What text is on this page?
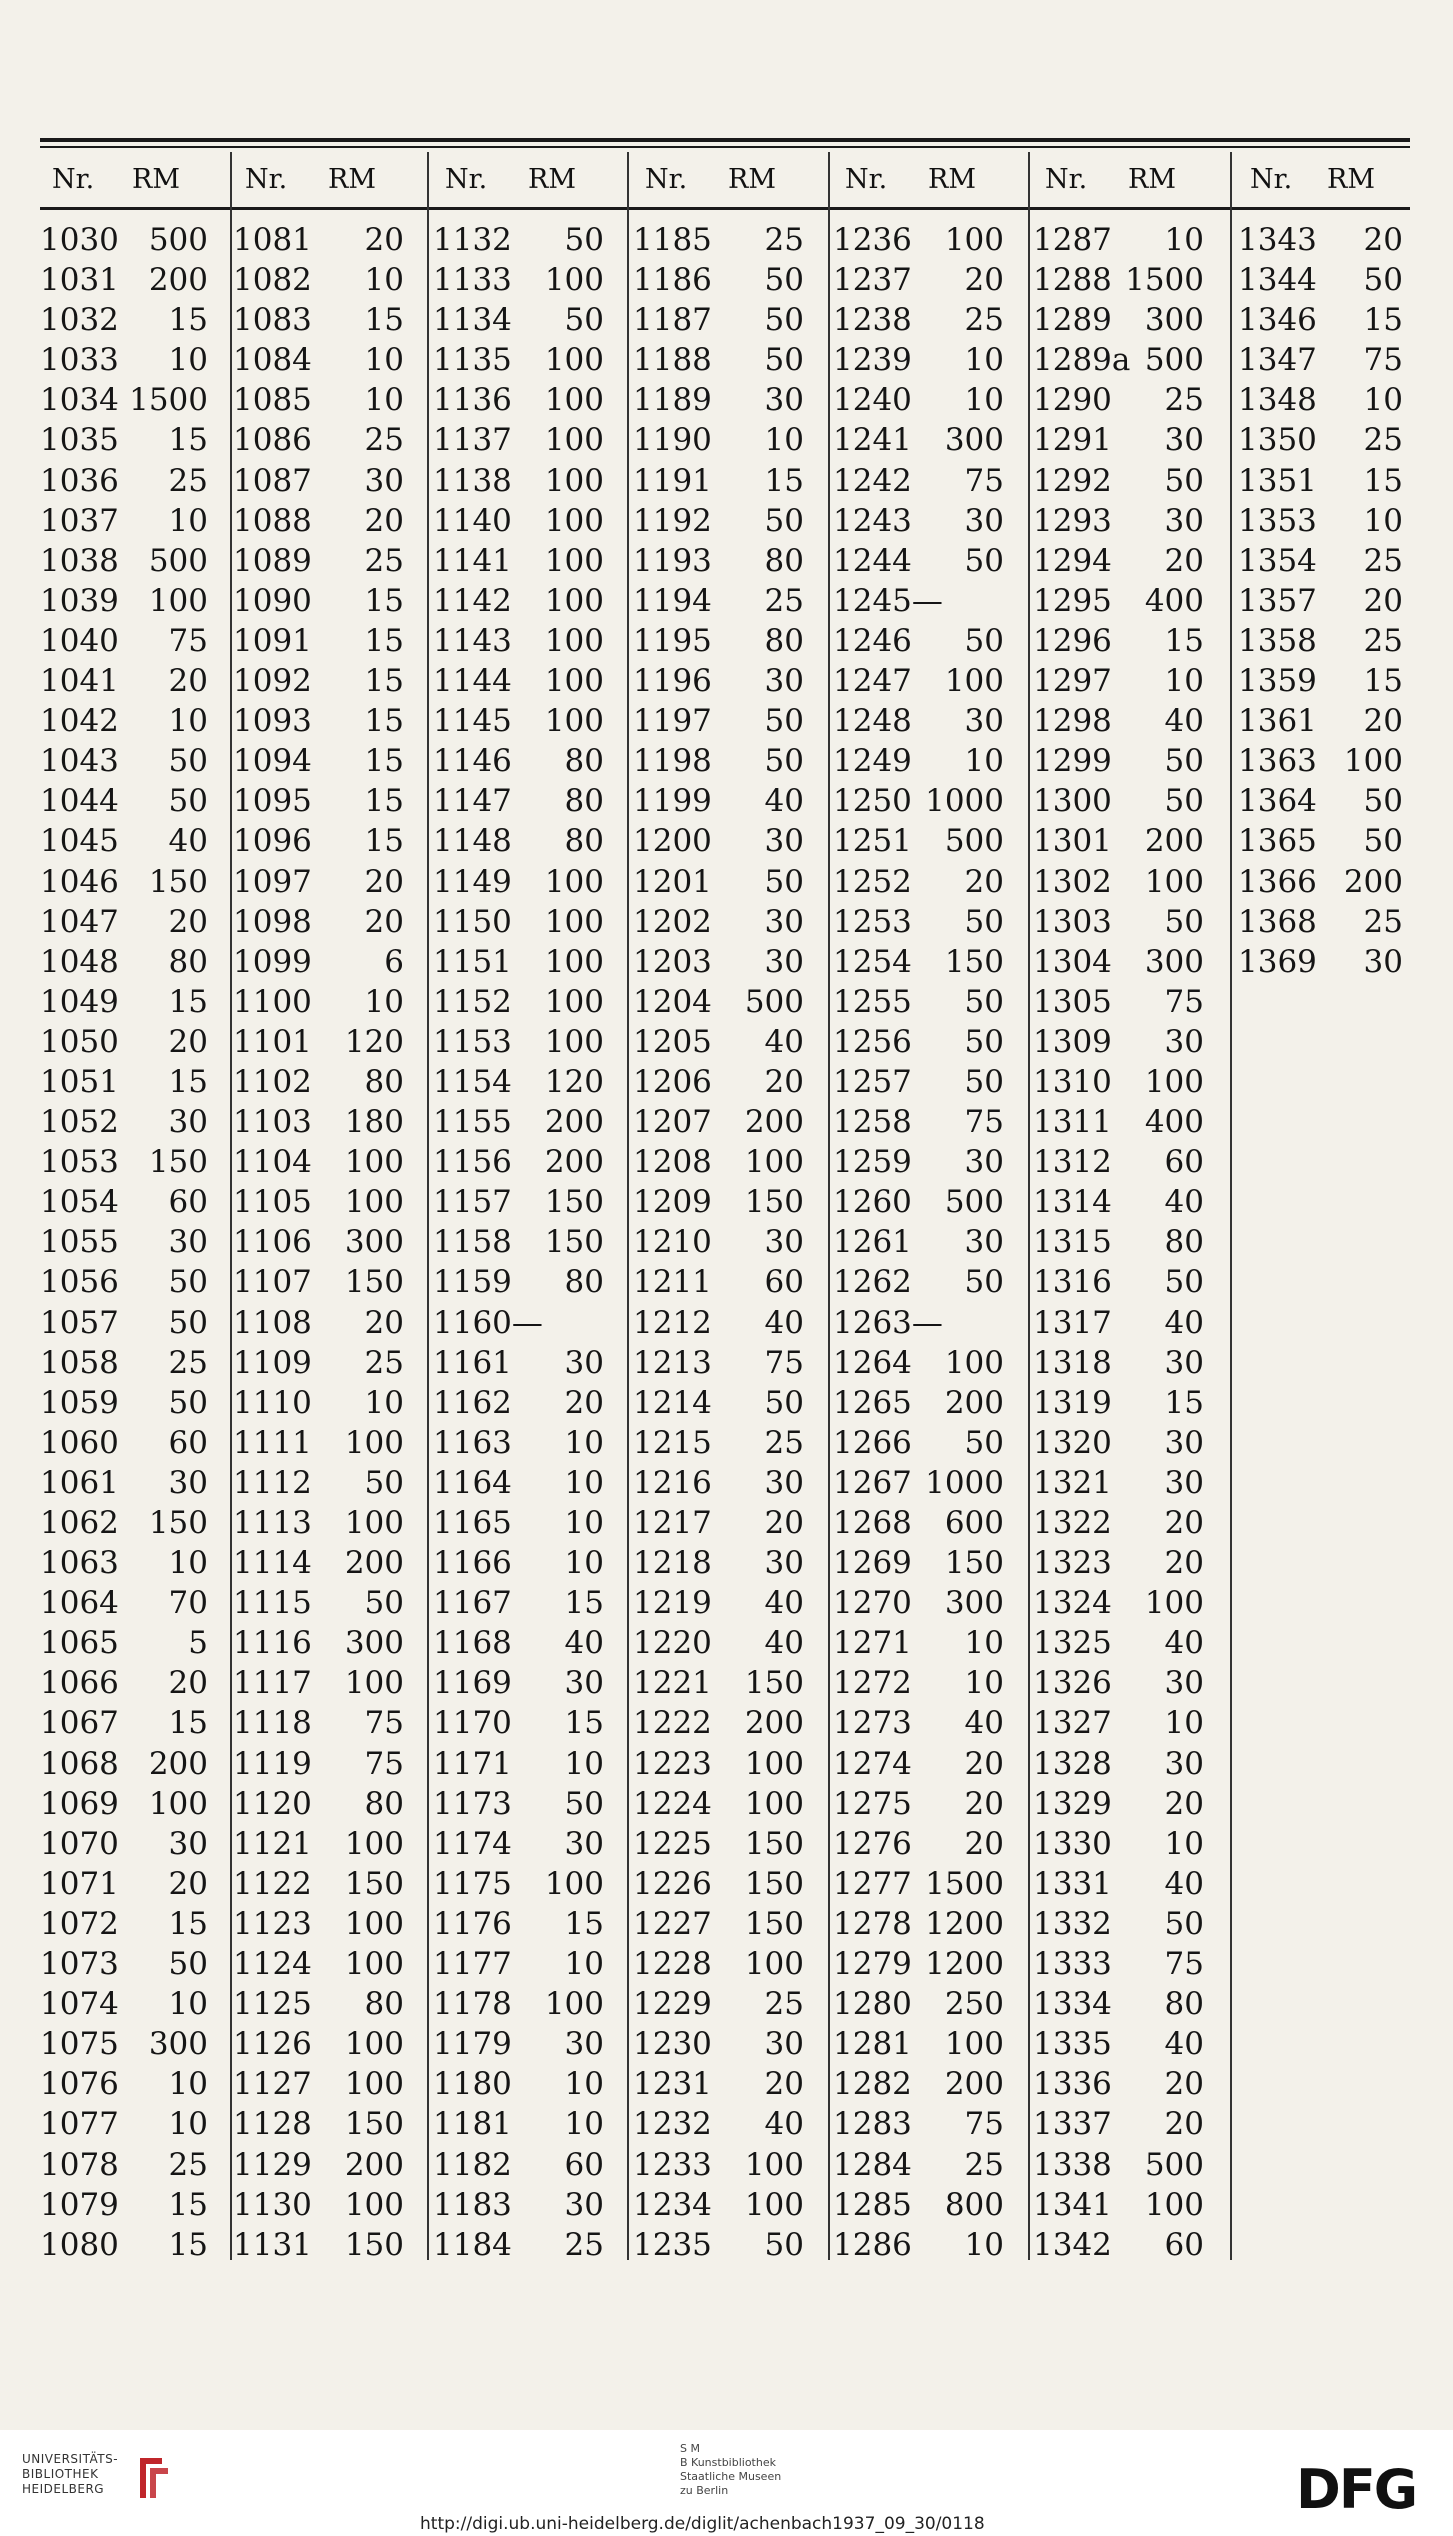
Nr. RM
1030 500
1031 200
1032 15
1033 10
1034 1500
1035 15
1036 25
1037 10
1038 500
1039 100
1040 75
1041 20
1042 10
1043 50
1044 50
1045 40
1046 150
1047 20
1048 80
1049 15
1050 20
1051 15
1052 30
1053 150
1054 60
1055 30
1056 50
1057 50
1058 25
1059 50
1060 60
1061 30
1062 150
1063 10
1064 70
1065 5
1066 20
1067 15
1068 200
1069 100
1070 30
1071 20
1072 15
1073 50
1074 10
1075 300
1076 10
1077 10
1078 25
1079 15
1080 15
Nr. RM
1081 20
1082 10
1083 15
1084 10
1085 10
1086 25
1087 30
1088 20
1089 25
1090 15
1091 15
1092 15
1093 15
1094 15
1095 15
1096 15
1097 20
1098 20
1099 6
1100 10
1101 120
1102 80
1103 180
1104 100
1105 100
1106 300
1107 150
1108 20
1109 25
1110 10
1111 100
1112 50
1113 100
1114 200
1115 50
1116 300
1117 100
1118 75
1119 75
1120 80
1121 100
1122 150
1123 100
1124 100
1125 80
1126 100
1127 100
1128 150
1129 200
1130 100
1131 150
Nr. RM
1132 50
1133 100
1134 50
1135 100
1136 100
1137 100
1138 100
1140 100
1141 100
1142 100
1143 100
1144 100
1145 100
1146 80
1147 80
1148 80
1149 100
1150 100
1151 100
1152 100
1153 100
1154 120
1155 200
1156 200
1157 150
1158 150
1159 80
1160—
1161 30
1162 20
1163 10
1164 10
1165 10
1166 10
1167 15
1168 40
1169 30
1170 15
1171 10
1173 50
1174 30
1175 100
1176 15
1177 10
1178 100
1179 30
1180 10
1181 10
1182 60
1183 30
1184 25
Nr. RM
1185 25
1186 50
1187 50
1188 50
1189 30
1190 10
1191 15
1192 50
1193 80
1194 25
1195 80
1196 30
1197 50
1198 50
1199 40
1200 30
1201 50
1202 30
1203 30
1204 500
1205 40
1206 20
1207 200
1208 100
1209 150
1210 30
1211 60
1212 40
1213 75
1214 50
1215 25
1216 30
1217 20
1218 30
1219 40
1220 40
1221 150
1222 200
1223 100
1224 100
1225 150
1226 150
1227 150
1228 100
1229 25
1230 30
1231 20
1232 40
1233 100
1234 100
1235 50
Nr. RM
1236 100
1237 20
1238 25
1239 10
1240 10
1241 300
1242 75
1243 30
1244 50
1245—
1246 50
1247 100
1248 30
1249 10
1250 1000
1251 500
1252 20
1253 50
1254 150
1255 50
1256 50
1257 50
1258 75
1259 30
1260 500
1261 30
1262 50
1263—
1264 100
1265 200
1266 50
1267 1000
1268 600
1269 150
1270 300
1271 10
1272 10
1273 40
1274 20
1275 20
1276 20
1277 1500
1278 1200
1279 1200
1280 250
1281 100
1282 200
1283 75
1284 25
1285 800
1286 10
Nr. RM
1287 10
1288 1500
1289 300
1289a 500
1290 25
1291 30
1292 50
1293 30
1294 20
1295 400
1296 15
1297 10
1298 40
1299 50
1300 50
1301 200
1302 100
1303 50
1304 300
1305 75
1309 30
1310 100
1311 400
1312 60
1314 40
1315 80
1316 50
1317 40
1318 30
1319 15
1320 30
1321 30
1322 20
1323 20
1324 100
1325 40
1326 30
1327 10
1328 30
1329 20
1330 10
1331 40
1332 50
1333 75
1334 80
1335 40
1336 20
1337 20
1338 500
1341 100
1342 60
Nr. RM
1343 20
1344 50
1346 15
1347 75
1348 10
1350 25
1351 15
1353 10
1354 25
1357 20
1358 25
1359 15
1361 20
1363 100
1364 50
1365 50
1366 200
1368 25
1369 30
UNIVERSITÄTS-
BIBLIOTHEK
HEIDELBERG
S M
B Kunstbibliothek
Staatliche Museen
zu Berlin	DFG
http://digi.ub.uni-heidelberg.de/diglit/achenbach1937_09_30/0118
